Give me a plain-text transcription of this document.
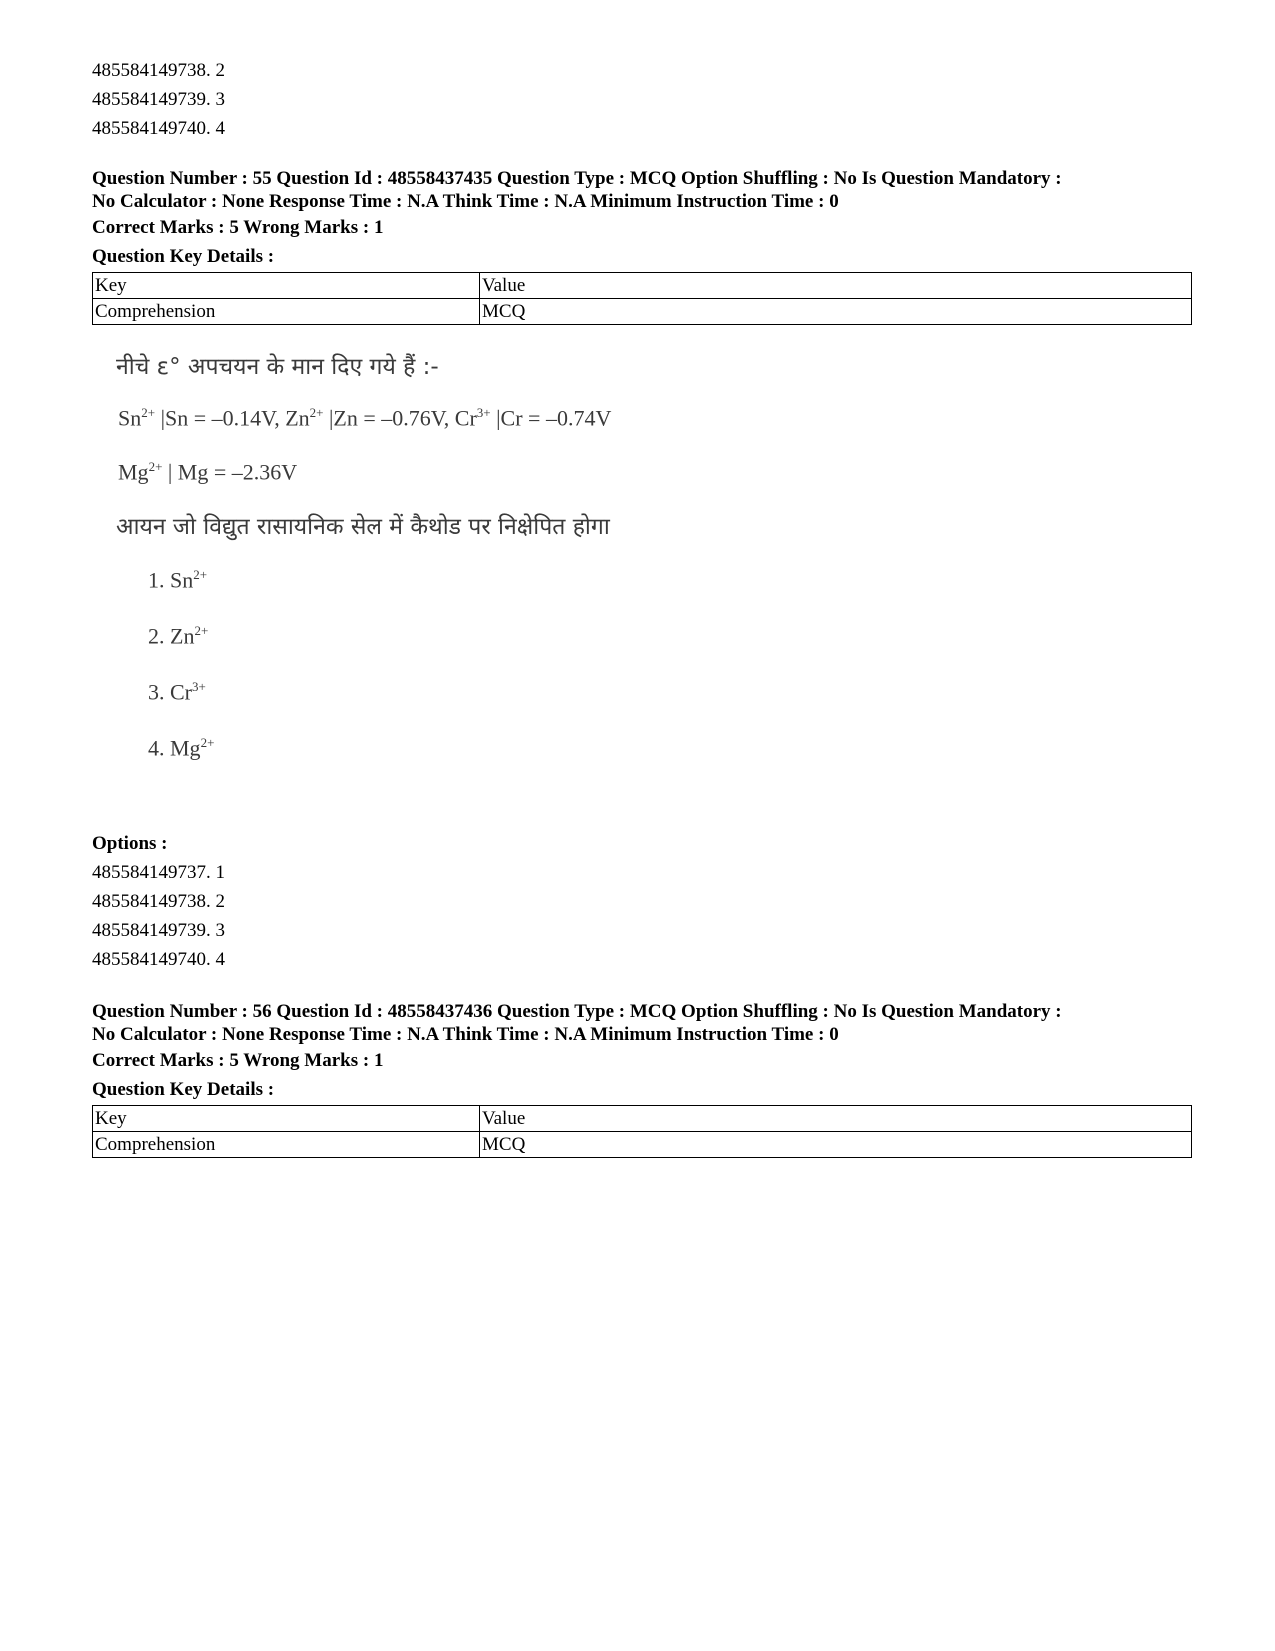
485584149738. 2
485584149739. 3
485584149740. 4
Question Number : 55 Question Id : 48558437435 Question Type : MCQ Option Shuffling : No Is Question Mandatory :
No Calculator : None Response Time : N.A Think Time : N.A Minimum Instruction Time : 0
Correct Marks : 5 Wrong Marks : 1
Question Key Details :
Key	Value
Comprehension	MCQ
नीचे ε° अपचयन के मान दिए गये हैं :-
$Sn^{2+}$ |Sn = –0.14V, $Zn^{2+}$ |Zn = –0.76V, $Cr^{3+}$ |Cr = –0.74V
$Mg^{2+}$ | Mg = –2.36V
आयन जो विद्युत रासायनिक सेल में कैथोड पर निक्षेपित होगा
1. $Sn^{2+}$
2. $Zn^{2+}$
3. $Cr^{3+}$
4. $Mg^{2+}$
Options :
485584149737. 1
485584149738. 2
485584149739. 3
485584149740. 4
Question Number : 56 Question Id : 48558437436 Question Type : MCQ Option Shuffling : No Is Question Mandatory :
No Calculator : None Response Time : N.A Think Time : N.A Minimum Instruction Time : 0
Correct Marks : 5 Wrong Marks : 1
Question Key Details :
Key	Value
Comprehension	MCQ
